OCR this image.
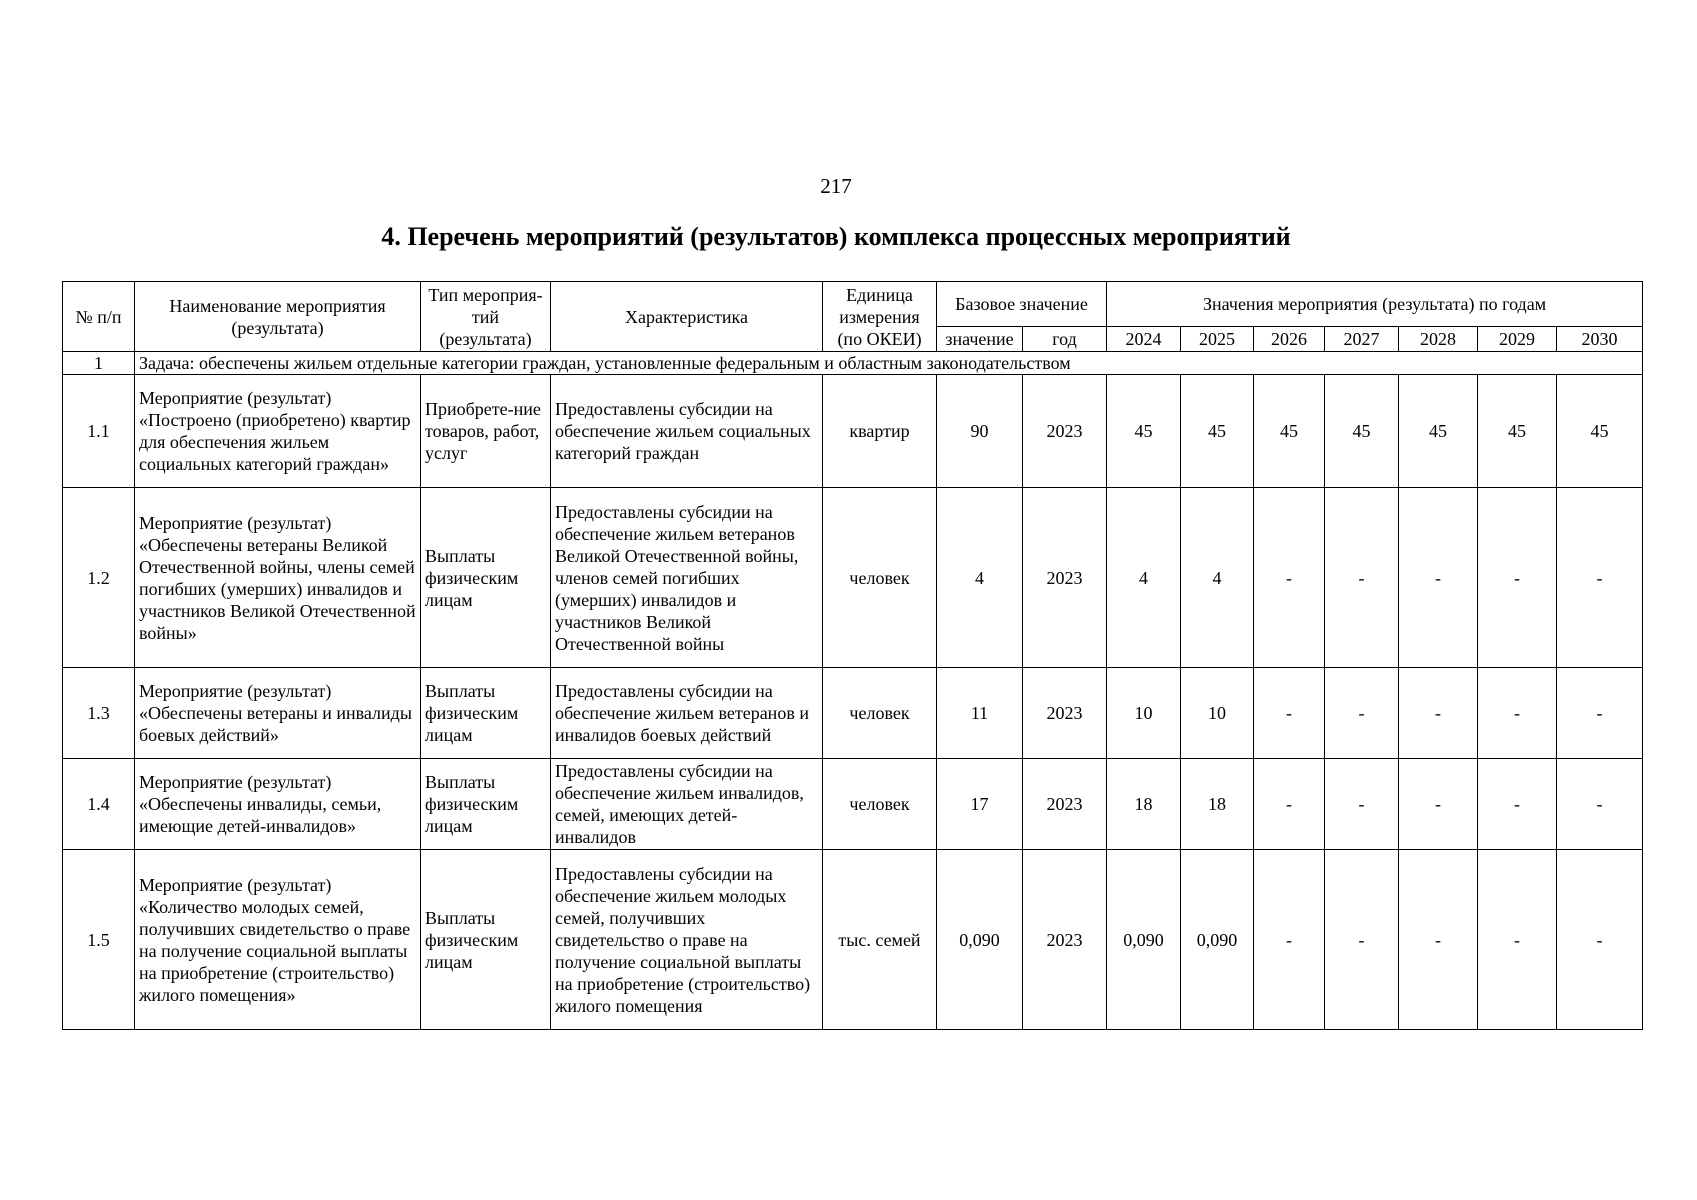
217
4. Перечень мероприятий (результатов) комплекса процессных мероприятий
№ п/п	Наименование мероприятия (результата)	Тип мероприя-тий (результата)	Характеристика	Единица измерения (по ОКЕИ)	Базовое значение		Значения мероприятия (результата) по годам						
					значение	год	2024	2025	2026	2027	2028	2029	2030
1	Задача: обеспечены жильем отдельные категории граждан, установленные федеральным и областным законодательством												
1.1	Мероприятие (результат) «Построено (приобретено) квартир для обеспечения жильем социальных категорий граждан»	Приобрете-ние товаров, работ, услуг	Предоставлены субсидии на обеспечение жильем социальных категорий граждан	квартир	90	2023	45	45	45	45	45	45	45
1.2	Мероприятие (результат) «Обеспечены ветераны Великой Отечественной войны, члены семей погибших (умерших) инвалидов и участников Великой Отечественной войны»	Выплаты физическим лицам	Предоставлены субсидии на обеспечение жильем ветеранов Великой Отечественной войны, членов семей погибших (умерших) инвалидов и участников Великой Отечественной войны	человек	4	2023	4	4	-	-	-	-	-
1.3	Мероприятие (результат) «Обеспечены ветераны и инвалиды боевых действий»	Выплаты физическим лицам	Предоставлены субсидии на обеспечение жильем ветеранов и инвалидов боевых действий	человек	11	2023	10	10	-	-	-	-	-
1.4	Мероприятие (результат) «Обеспечены инвалиды, семьи, имеющие детей-инвалидов»	Выплаты физическим лицам	Предоставлены субсидии на обеспечение жильем инвалидов, семей, имеющих детей-инвалидов	человек	17	2023	18	18	-	-	-	-	-
1.5	Мероприятие (результат) «Количество молодых семей, получивших свидетельство о праве на получение социальной выплаты на приобретение (строительство) жилого помещения»	Выплаты физическим лицам	Предоставлены субсидии на обеспечение жильем молодых семей, получивших свидетельство о праве на получение социальной выплаты на приобретение (строительство) жилого помещения	тыс. семей	0,090	2023	0,090	0,090	-	-	-	-	-
